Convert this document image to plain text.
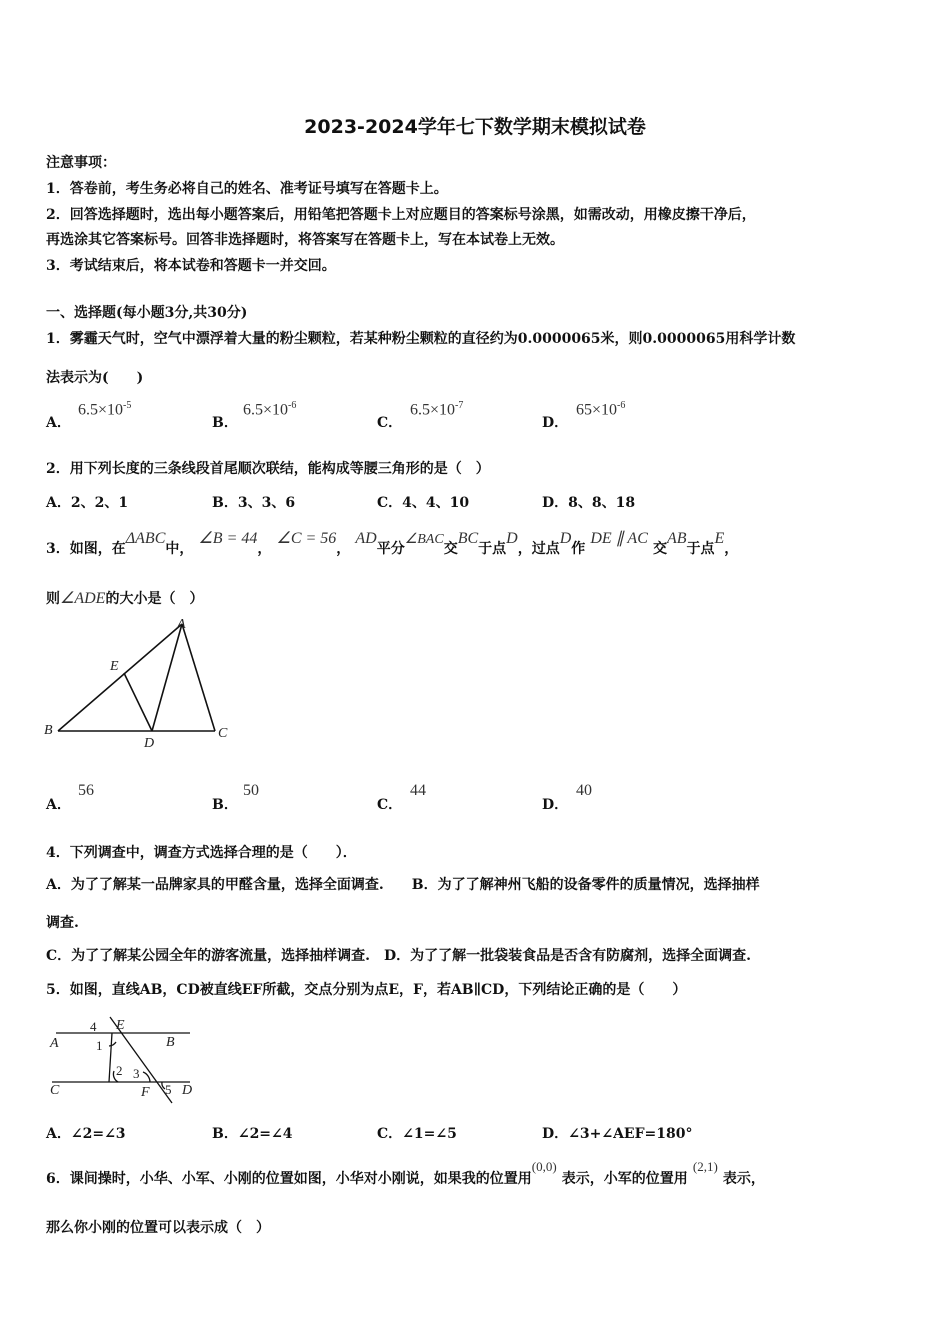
2023-2024学年七下数学期末模拟试卷
注意事项：
1．答卷前，考生务必将自己的姓名、准考证号填写在答题卡上。
2．回答选择题时，选出每小题答案后，用铅笔把答题卡上对应题目的答案标号涂黑，如需改动，用橡皮擦干净后，
再选涂其它答案标号。回答非选择题时，将答案写在答题卡上，写在本试卷上无效。
3．考试结束后，将本试卷和答题卡一并交回。
一、选择题(每小题3分,共30分)
1．雾霾天气时，空气中漂浮着大量的粉尘颗粒，若某种粉尘颗粒的直径约为0.0000065米，则0.0000065用科学计数
法表示为(　　)
A．
$6.5\times 10^{-5}$
B．
$6.5\times 10^{-6}$
C．
$6.5\times 10^{-7}$
D．
$65\times 10^{-6}$
2．用下列长度的三条线段首尾顺次联结，能构成等腰三角形的是（　）
A．2、2、1	B．3、3、6	C．4、4、10	D．8、8、18
3．如图，在ΔABC中， ∠B = 44， ∠C = 56， AD平分∠BAC交BC于点D，过点D作 DE ∥ AC 交AB于点E，
则∠ADE的大小是（　）
A
B	C
D
E
A．
56
B．
50
C．
44
D．
40
4．下列调查中，调查方式选择合理的是（　　）．
A．为了了解某一品牌家具的甲醛含量，选择全面调查.　　B．为了了解神州飞船的设备零件的质量情况，选择抽样
调查.
C．为了了解某公园全年的游客流量，选择抽样调查.　D．为了了解一批袋装食品是否含有防腐剂，选择全面调查.
5．如图，直线AB，CD被直线EF所截，交点分别为点E，F，若AB∥CD，下列结论正确的是（　　）
A	B
C	D
E
F
1
2 3
4
5
A．∠2=∠3	B．∠2=∠4	C．∠1=∠5	D．∠3+∠AEF=180°
6．课间操时，小华、小军、小刚的位置如图，小华对小刚说，如果我的位置用(0,0) 表示，小军的位置用 (2,1) 表示，
那么你小刚的位置可以表示成（　）
